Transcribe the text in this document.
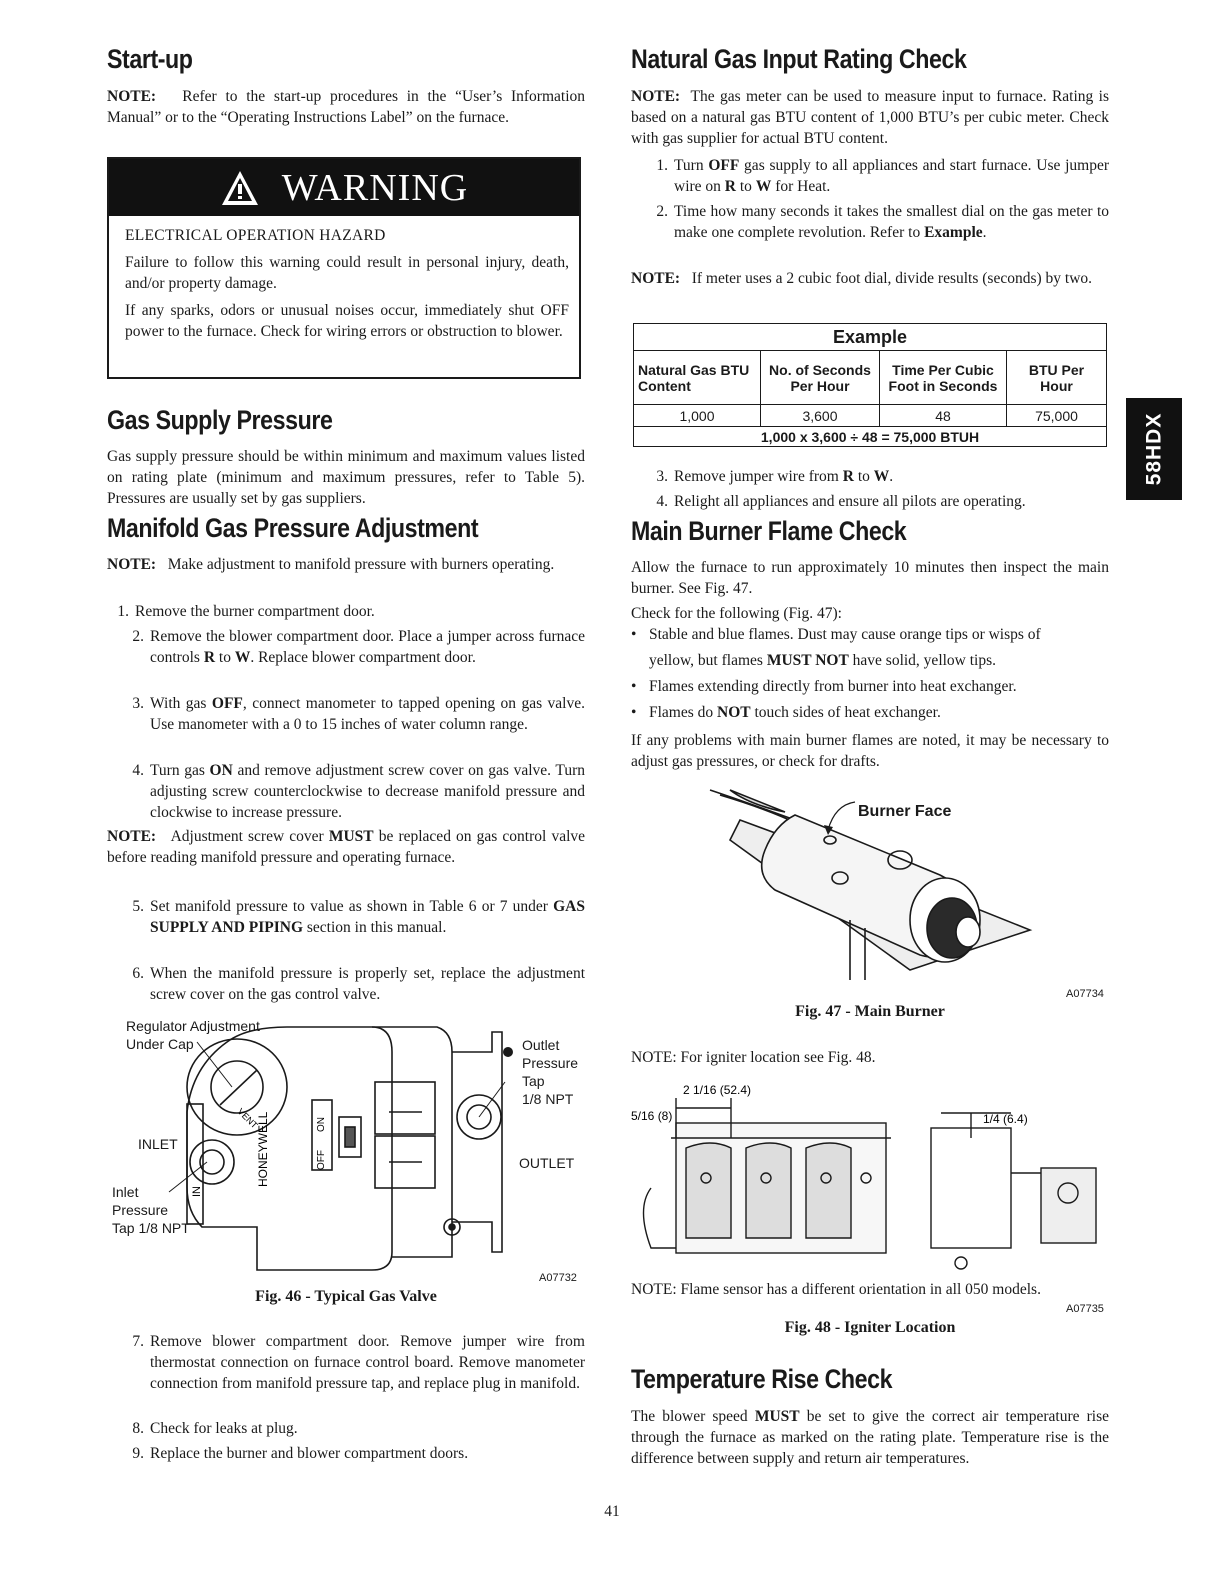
Start-up
NOTE: Refer to the start-up procedures in the “User’s Information Manual” or to the “Operating Instructions Label” on the furnace.
WARNING

ELECTRICAL OPERATION HAZARD

Failure to follow this warning could result in personal injury, death, and/or property damage.

If any sparks, odors or unusual noises occur, immediately shut OFF power to the furnace. Check for wiring errors or obstruction to blower.

Gas Supply Pressure
Gas supply pressure should be within minimum and maximum values listed on rating plate (minimum and maximum pressures, refer to Table 5). Pressures are usually set by gas suppliers.
Manifold Gas Pressure Adjustment
NOTE: Make adjustment to manifold pressure with burners operating.
1. Remove the burner compartment door.
2. Remove the blower compartment door. Place a jumper across furnace controls R to W. Replace blower compartment door.
3. With gas OFF, connect manometer to tapped opening on gas valve. Use manometer with a 0 to 15 inches of water column range.
4. Turn gas ON and remove adjustment screw cover on gas valve. Turn adjusting screw counterclockwise to decrease manifold pressure and clockwise to increase pressure.
NOTE: Adjustment screw cover MUST be replaced on gas control valve before reading manifold pressure and operating furnace.
5. Set manifold pressure to value as shown in Table 6 or 7 under GAS SUPPLY AND PIPING section in this manual.
6. When the manifold pressure is properly set, replace the adjustment screw cover on the gas control valve.
HONEYWELL	ON
OFF
IN
VENT
Regulator Adjustment
Under Cap	Outlet
Pressure
Tap
1/8 NPT
INLET
OUTLET
Inlet
Pressure
Tap 1/8 NPT
A07732
Fig. 46 - Typical Gas Valve
7. Remove blower compartment door. Remove jumper wire from thermostat connection on furnace control board. Remove manometer connection from manifold pressure tap, and replace plug in manifold.
8. Check for leaks at plug.
9. Replace the burner and blower compartment doors.
Natural Gas Input Rating Check
NOTE: The gas meter can be used to measure input to furnace. Rating is based on a natural gas BTU content of 1,000 BTU’s per cubic meter. Check with gas supplier for actual BTU content.
1. Turn OFF gas supply to all appliances and start furnace. Use jumper wire on R to W for Heat.
2. Time how many seconds it takes the smallest dial on the gas meter to make one complete revolution. Refer to Example.
NOTE: If meter uses a 2 cubic foot dial, divide results (seconds) by two.
Example			
Natural Gas BTU Content	No. of Seconds Per Hour	Time Per Cubic Foot in Seconds	BTU Per Hour
1,000	3,600	48	75,000
1,000 x 3,600 ÷ 48 = 75,000 BTUH			
3. Remove jumper wire from R to W.
4. Relight all appliances and ensure all pilots are operating.
Main Burner Flame Check
Allow the furnace to run approximately 10 minutes then inspect the main burner. See Fig. 47.
Check for the following (Fig. 47):
• Stable and blue flames. Dust may cause orange tips or wisps of
yellow, but flames MUST NOT have solid, yellow tips.
• Flames extending directly from burner into heat exchanger.
• Flames do NOT touch sides of heat exchanger.
If any problems with main burner flames are noted, it may be necessary to adjust gas pressures, or check for drafts.
Burner Face
A07734
Fig. 47 - Main Burner
NOTE: For igniter location see Fig. 48.
2 1/16 (52.4)
5/16 (8)	1/4 (6.4)
NOTE: Flame sensor has a different orientation in all 050 models.
A07735
Fig. 48 - Igniter Location
Temperature Rise Check
The blower speed MUST be set to give the correct air temperature rise through the furnace as marked on the rating plate. Temperature rise is the difference between supply and return air temperatures.
58HDX
41
